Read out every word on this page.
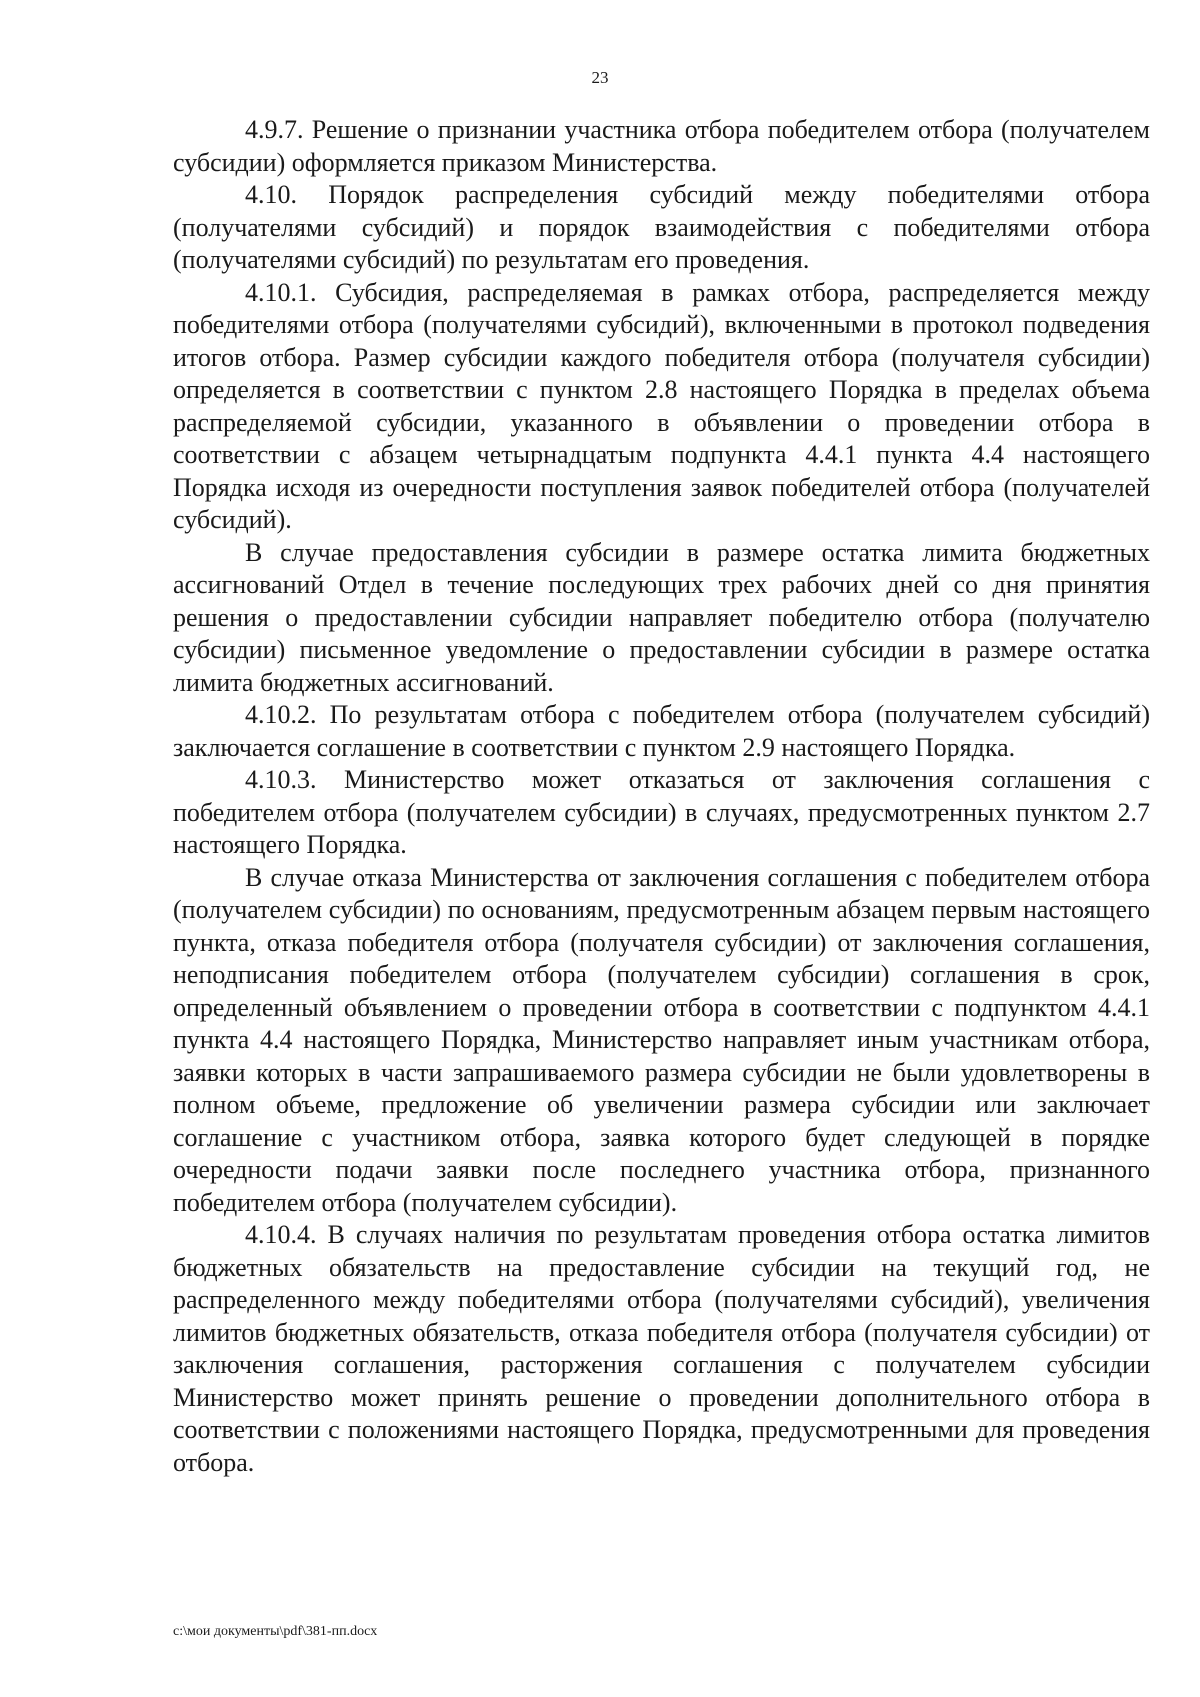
23

4.9.7. Решение о признании участника отбора победителем отбора (получателем субсидии) оформляется приказом Министерства.

4.10. Порядок распределения субсидий между победителями отбора (получателями субсидий) и порядок взаимодействия с победителями отбора (получателями субсидий) по результатам его проведения.

4.10.1. Субсидия, распределяемая в рамках отбора, распределяется между победителями отбора (получателями субсидий), включенными в протокол подведения итогов отбора. Размер субсидии каждого победителя отбора (получателя субсидии) определяется в соответствии с пунктом 2.8 настоящего Порядка в пределах объема распределяемой субсидии, указанного в объявлении о проведении отбора в соответствии с абзацем четырнадцатым подпункта 4.4.1 пункта 4.4 настоящего Порядка исходя из очередности поступления заявок победителей отбора (получателей субсидий).

В случае предоставления субсидии в размере остатка лимита бюджетных ассигнований Отдел в течение последующих трех рабочих дней со дня принятия решения о предоставлении субсидии направляет победителю отбора (получателю субсидии) письменное уведомление о предоставлении субсидии в размере остатка лимита бюджетных ассигнований.

4.10.2. По результатам отбора с победителем отбора (получателем субсидий) заключается соглашение в соответствии с пунктом 2.9 настоящего Порядка.

4.10.3. Министерство может отказаться от заключения соглашения с победителем отбора (получателем субсидии) в случаях, предусмотренных пунктом 2.7 настоящего Порядка.

В случае отказа Министерства от заключения соглашения с победителем отбора (получателем субсидии) по основаниям, предусмотренным абзацем первым настоящего пункта, отказа победителя отбора (получателя субсидии) от заключения соглашения, неподписания победителем отбора (получателем субсидии) соглашения в срок, определенный объявлением о проведении отбора в соответствии с подпунктом 4.4.1 пункта 4.4 настоящего Порядка, Министерство направляет иным участникам отбора, заявки которых в части запрашиваемого размера субсидии не были удовлетворены в полном объеме, предложение об увеличении размера субсидии или заключает соглашение с участником отбора, заявка которого будет следующей в порядке очередности подачи заявки после последнего участника отбора, признанного победителем отбора (получателем субсидии).

4.10.4. В случаях наличия по результатам проведения отбора остатка лимитов бюджетных обязательств на предоставление субсидии на текущий год, не распределенного между победителями отбора (получателями субсидий), увеличения лимитов бюджетных обязательств, отказа победителя отбора (получателя субсидии) от заключения соглашения, расторжения соглашения с получателем субсидии Министерство может принять решение о проведении дополнительного отбора в соответствии с положениями настоящего Порядка, предусмотренными для проведения отбора.

c:\мои документы\pdf\381-пп.docx
